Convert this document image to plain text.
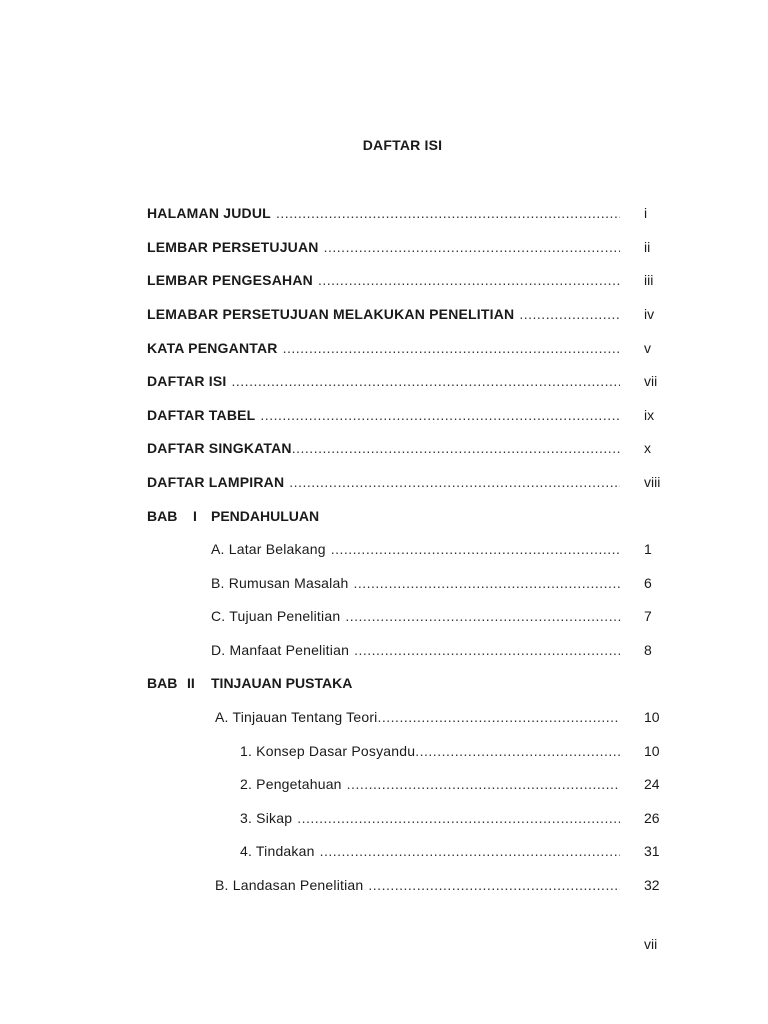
DAFTAR ISI
HALAMAN JUDUL .....	i
LEMBAR PERSETUJUAN .....	ii
LEMBAR PENGESAHAN .....	iii
LEMABAR PERSETUJUAN MELAKUKAN PENELITIAN .....	iv
KATA PENGANTAR .....	v
DAFTAR ISI .....	vii
DAFTAR TABEL .....	ix
DAFTAR SINGKATAN .....	x
DAFTAR LAMPIRAN .....	viii
BAB I PENDAHULUAN
A. Latar Belakang .....	1
B. Rumusan Masalah .....	6
C. Tujuan Penelitian .....	7
D. Manfaat Penelitian .....	8
BAB II TINJAUAN PUSTAKA
A. Tinjauan Tentang Teori .....	10
1. Konsep Dasar Posyandu .....	10
2. Pengetahuan .....	24
3. Sikap .....	26
4. Tindakan .....	31
B. Landasan Penelitian .....	32
vii
